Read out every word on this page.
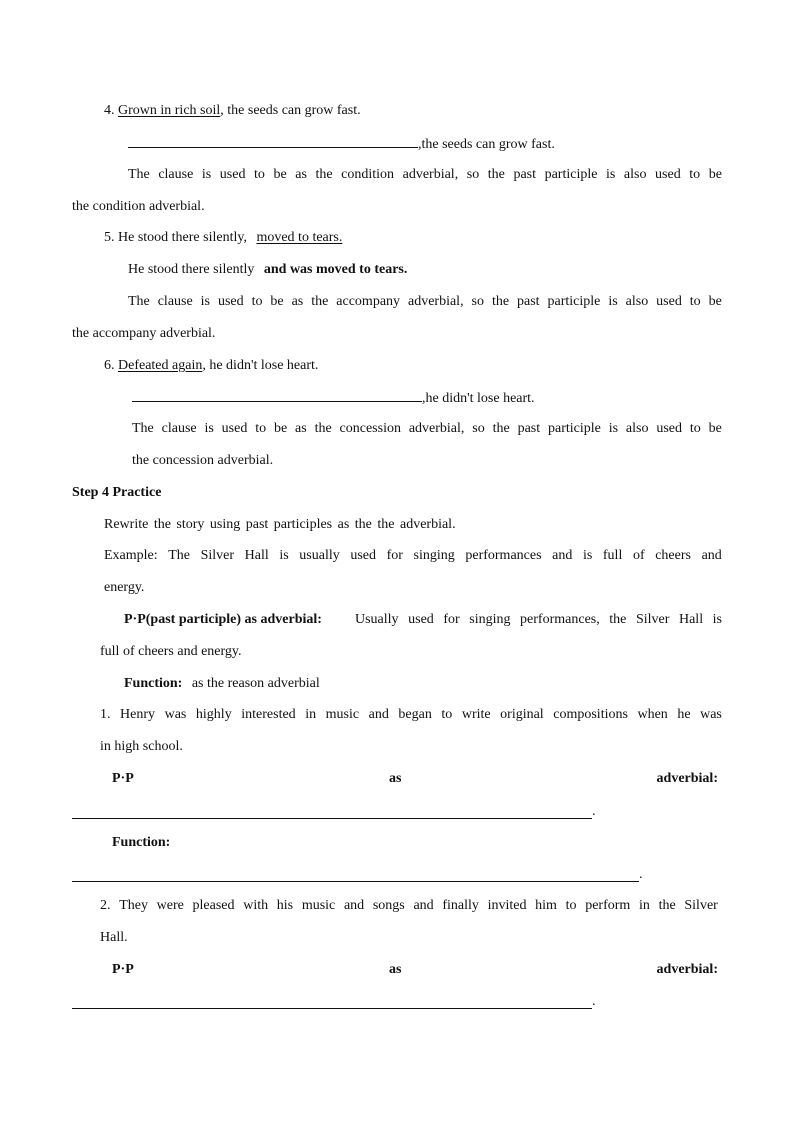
4. Grown in rich soil, the seeds can grow fast.
,the seeds can grow fast.
The clause is used to be as the condition adverbial, so the past participle is also used to be
the condition adverbial.
5. He stood there silently, moved to tears.
He stood there silently and was moved to tears.
The clause is used to be as the accompany adverbial, so the past participle is also used to be
the accompany adverbial.
6. Defeated again, he didn't lose heart.
,he didn't lose heart.
The clause is used to be as the concession adverbial, so the past participle is also used to be
the concession adverbial.
Step 4 Practice
Rewrite the story using past participles as the the adverbial.
Example: The Silver Hall is usually used for singing performances and is full of cheers and
energy.
P·P(past participle) as adverbial: Usually used for singing performances, the Silver Hall is
full of cheers and energy.
Function: as the reason adverbial
1. Henry was highly interested in music and began to write original compositions when he was
in high school.
P·P	as	adverbial:
.
Function:
.
2. They were pleased with his music and songs and finally invited him to perform in the Silver
Hall.
P·P	as	adverbial:
.
